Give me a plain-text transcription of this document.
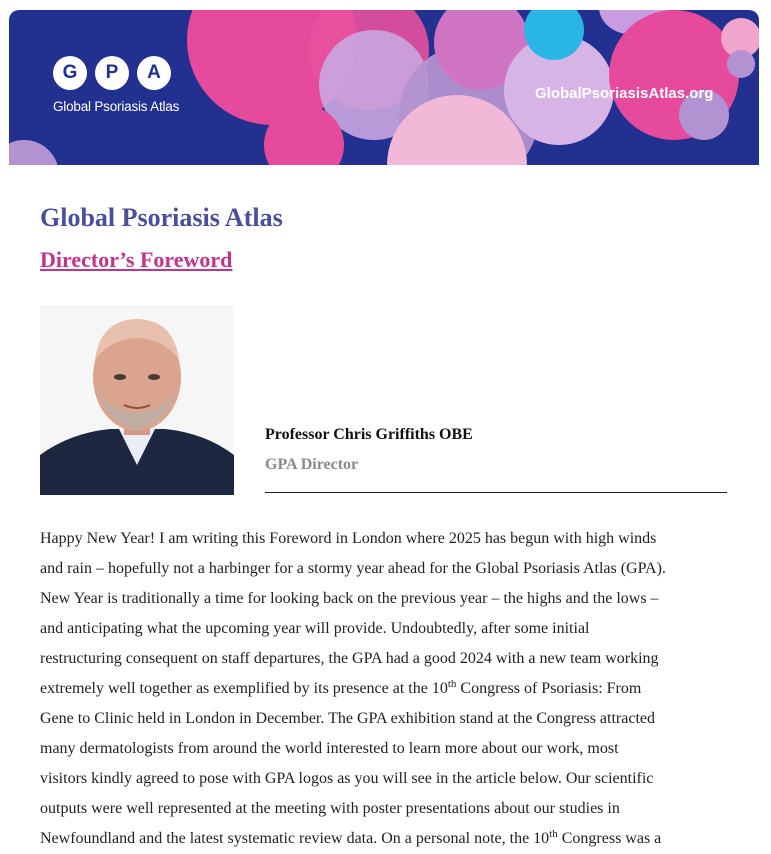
G	P	A
Global Psoriasis Atlas
GlobalPsoriasisAtlas.org
Global Psoriasis Atlas
Director’s Foreword
Professor Chris Griffiths OBE
GPA Director

Happy New Year! I am writing this Foreword in London where 2025 has begun with high winds
and rain – hopefully not a harbinger for a stormy year ahead for the Global Psoriasis Atlas (GPA).
New Year is traditionally a time for looking back on the previous year – the highs and the lows –
and anticipating what the upcoming year will provide. Undoubtedly, after some initial
restructuring consequent on staff departures, the GPA had a good 2024 with a new team working
extremely well together as exemplified by its presence at the 10th Congress of Psoriasis: From
Gene to Clinic held in London in December. The GPA exhibition stand at the Congress attracted
many dermatologists from around the world interested to learn more about our work, most
visitors kindly agreed to pose with GPA logos as you will see in the article below. Our scientific
outputs were well represented at the meeting with poster presentations about our studies in
Newfoundland and the latest systematic review data. On a personal note, the 10th Congress was a
